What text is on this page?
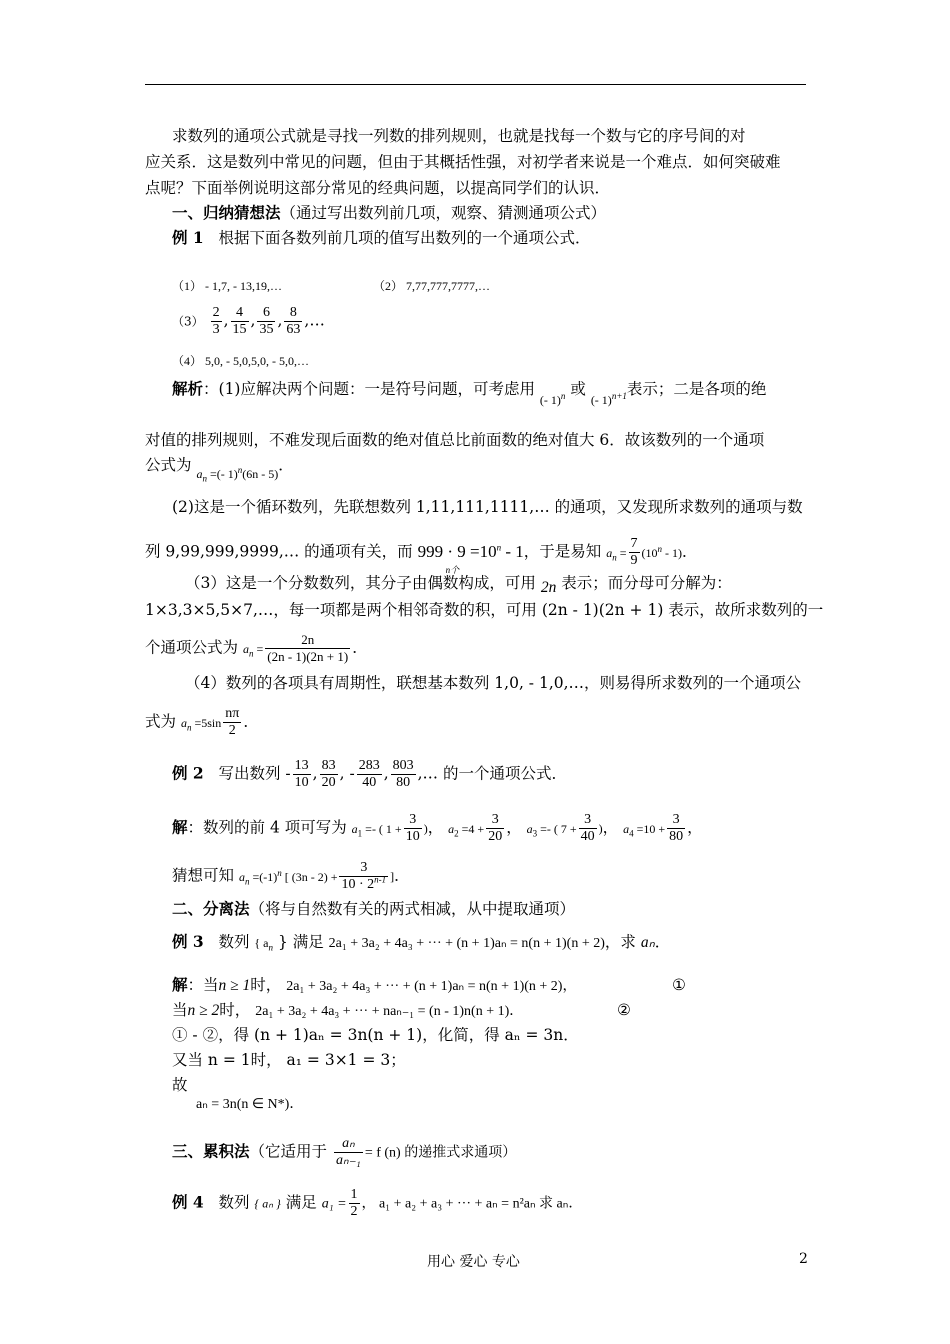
求数列的通项公式就是寻找一列数的排列规则，也就是找每一个数与它的序号间的对
应关系．这是数列中常见的问题，但由于其概括性强，对初学者来说是一个难点．如何突破难
点呢？下面举例说明这部分常见的经典问题，以提高同学们的认识．
一、归纳猜想法（通过写出数列前几项，观察、猜测通项公式）
例 1 根据下面各数列前几项的值写出数列的一个通项公式．
（1） - 1,7, - 13,19,…	（2） 7,77,777,7777,…
$(3) \frac{2}{3}$ , $\frac{4}{15}$ , $\frac{6}{35}$ , $\frac{8}{63}$ ,…
（4） 5,0, - 5,0,5,0, - 5,0,…
解析：(1)应解决两个问题：一是符号问题，可考虑用 $_{(- 1)^n}$ 或 $_{(- 1)^{n+1}}$表示；二是各项的绝
对值的排列规则，不难发现后面数的绝对值总比前面数的绝对值大 6．故该数列的一个通项
公式为 $_{a_n =(- 1)^n(6n - 5)}$．
(2)这是一个循环数列，先联想数列 1,11,111,1111,… 的通项，又发现所求数列的通项与数
列 9,99,999,9999,… 的通项有关，而 $999 \cdot 9 =10^n - 1$
n个
，于是易知 $a_n = \frac{7}{9} (10^n - 1)$．
（3）这是一个分数数列，其分子由偶数构成，可用 2n 表示；而分母可分解为：
1×3,3×5,5×7,…，每一项都是两个相邻奇数的积，可用 (2n - 1)(2n + 1) 表示，故所求数列的一
个通项公式为 $a_n = \frac{2n}{(2n - 1)(2n + 1)}$ ．
（4）数列的各项具有周期性，联想基本数列 1,0, - 1,0,…，则易得所求数列的一个通项公
式为 $a_n =5\sin \frac{n\pi}{2}$ ．
例 2 写出数列 - $\frac{13}{10}$ , $\frac{83}{20}$ , - $\frac{283}{40}$ , $\frac{803}{80}$ ,… 的一个通项公式．
解：数列的前 4 项可写为 $a_1$ =- ( $1 + \frac{3}{10}$ )， $a_2 =4 + \frac{3}{20}$ ， $a_3$ =- ( $7 + \frac{3}{40}$ )， $a_4 =10 + \frac{3}{80}$ ，
猜想可知 $a_n =(-1)^n$ [ $(3n - 2) + \frac{3}{10 \cdot 2^{n-1}}$ ]．
二、分离法（将与自然数有关的两式相减，从中提取通项）
例 3 数列 { $a_n$ } 满足 2a₁ + 3a₂ + 4a₃ + ··· + (n + 1)aₙ = n(n + 1)(n + 2)，求 aₙ．
解：当n ≥ 1时， 2a₁ + 3a₂ + 4a₃ + ··· + (n + 1)aₙ = n(n + 1)(n + 2)，	①
当n ≥ 2时， 2a₁ + 3a₂ + 4a₃ + ··· + naₙ₋₁ = (n - 1)n(n + 1)．	②
① - ②，得 (n + 1)aₙ = 3n(n + 1)，化简，得 aₙ = 3n．
又当 n = 1时， a₁ = 3×1 = 3；
故
aₙ = 3n(n ∈ N*)．
三、累积法（它适用于 $\frac{\text{aₙ}}{\text{aₙ₋₁}} = f$ (n) 的递推式求通项）
例 4 数列 { aₙ } 满足 $a_1 = \frac{1}{2}$ ， a₁ + a₂ + a₃ + ··· + aₙ = n²aₙ 求 aₙ．
用心 爱心 专心	2
